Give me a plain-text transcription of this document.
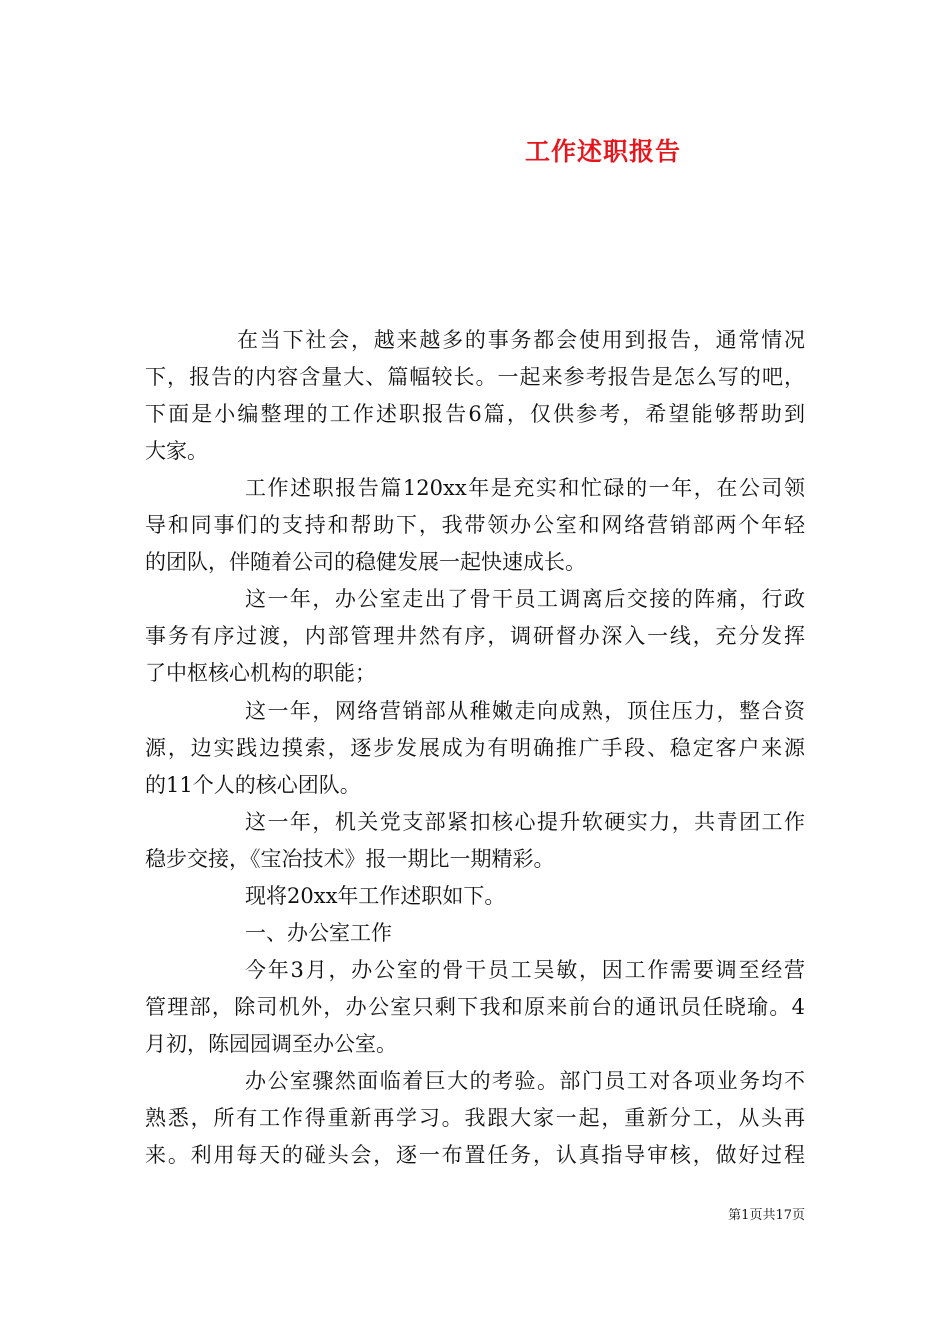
工作述职报告
在当下社会，越来越多的事务都会使用到报告，通常情况
下，报告的内容含量大、篇幅较长。一起来参考报告是怎么写的吧，
下面是小编整理的工作述职报告6篇，仅供参考，希望能够帮助到
大家。
工作述职报告篇120xx年是充实和忙碌的一年，在公司领
导和同事们的支持和帮助下，我带领办公室和网络营销部两个年轻
的团队，伴随着公司的稳健发展一起快速成长。
这一年，办公室走出了骨干员工调离后交接的阵痛，行政
事务有序过渡，内部管理井然有序，调研督办深入一线，充分发挥
了中枢核心机构的职能；
这一年，网络营销部从稚嫩走向成熟，顶住压力，整合资
源，边实践边摸索，逐步发展成为有明确推广手段、稳定客户来源
的11个人的核心团队。
这一年，机关党支部紧扣核心提升软硬实力，共青团工作
稳步交接，《宝冶技术》报一期比一期精彩。
现将20xx年工作述职如下。
一、办公室工作
今年3月，办公室的骨干员工吴敏，因工作需要调至经营
管理部，除司机外，办公室只剩下我和原来前台的通讯员任晓瑜。4
月初，陈园园调至办公室。
办公室骤然面临着巨大的考验。部门员工对各项业务均不
熟悉，所有工作得重新再学习。我跟大家一起，重新分工，从头再
来。利用每天的碰头会，逐一布置任务，认真指导审核，做好过程
第1页共17页
